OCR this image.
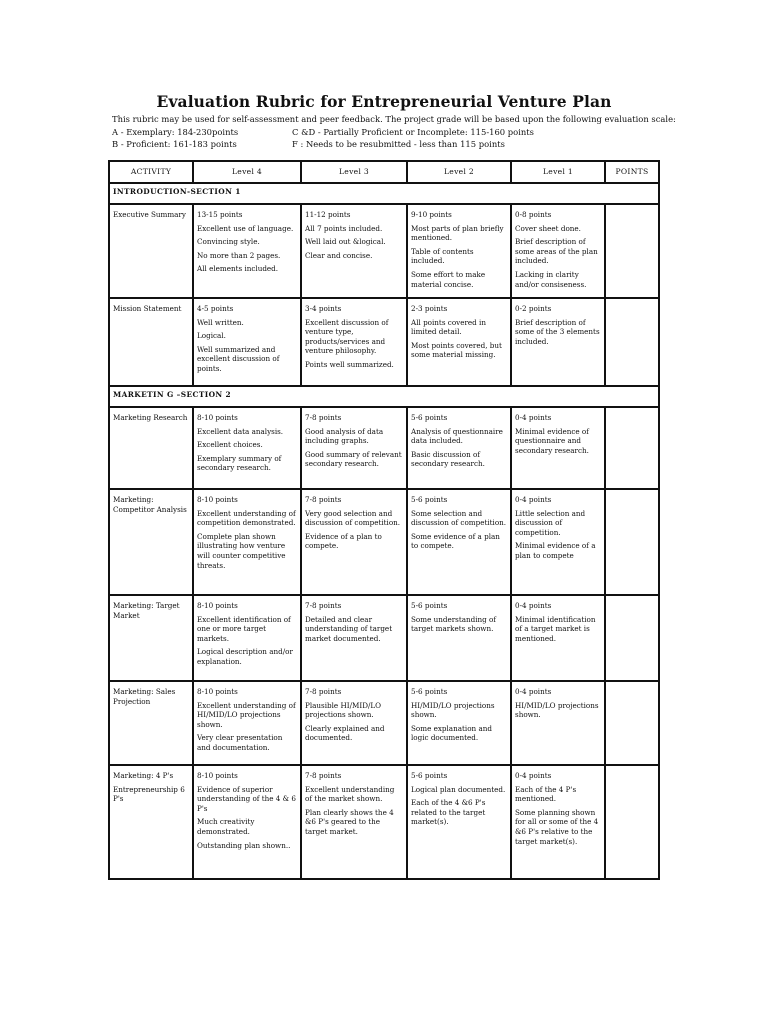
Evaluation Rubric for Entrepreneurial Venture Plan
This rubric may be used for self-assessment and peer feedback. The project grade will be based upon the following evaluation scale:
A - Exemplary: 184-230points	C &D - Partially Proficient or Incomplete: 115-160 points
B - Proficient: 161-183 points	F : Needs to be resubmitted - less than 115 points
ACTIVITY	Level 4	Level 3	Level 2	Level 1	POINTS
INTRODUCTION-SECTION 1					

Executive Summary	13-15 points
Excellent use of language.
Convincing style.
No more than 2 pages.
All elements included.	11-12 points
All 7 points included.
Well laid out &logical.
Clear and concise.	9-10 points
Most parts of plan briefly mentioned.
Table of contents included.
Some effort to make material concise.	0-8 points
Cover sheet done.
Brief description of some areas of the plan included.
Lacking in clarity and/or consiseness.	

Mission Statement	4-5 points
Well written.
Logical.
Well summarized and excellent discussion of points.	3-4 points
Excellent discussion of venture type, products/services and venture philosophy.
Points well summarized.	2-3 points
All points covered in limited detail.
Most points covered, but some material missing.	0-2 points
Brief description of some of the 3 elements included.	

MARKETIN G –SECTION 2					

Marketing Research	8-10 points
Excellent data analysis.
Excellent choices.
Exemplary summary of secondary research.	7-8 points
Good analysis of data including graphs.
Good summary of relevant secondary research.	5-6 points
Analysis of questionnaire data included.
Basic discussion of secondary research.	0-4 points
Minimal evidence of questionnaire and secondary research.	

Marketing: Competitor Analysis	8-10 points
Excellent understanding of competition demonstrated.
Complete plan shown illustrating how venture will counter competitive threats.	7-8 points
Very good selection and discussion of competition.
Evidence of a plan to compete.	5-6 points
Some selection and discussion of competition.
Some evidence of a plan to compete.	0-4 points
Little selection and discussion of competition.
Minimal evidence of a plan to compete	

Marketing: Target Market	8-10 points
Excellent identification of one or more target markets.
Logical description and/or explanation.	7-8 points
Detailed and clear understanding of target market documented.	5-6 points
Some understanding of target markets shown.	0-4 points
Minimal identification of a target market is mentioned.	

Marketing: Sales Projection	8-10 points
Excellent understanding of HI/MID/LO projections shown.
Very clear presentation and documentation.	7-8 points
Plausible HI/MID/LO projections shown.
Clearly explained and documented.	5-6 points
HI/MID/LO projections shown.
Some explanation and logic documented.	0-4 points
HI/MID/LO projections shown.	

Marketing: 4 P's
Entrepreneurship 6 P's	8-10 points
Evidence of superior understanding of the 4 & 6 P's
Much creativity demonstrated.
Outstanding plan shown..	7-8 points
Excellent understanding of the market shown.
Plan clearly shows the 4 &6 P's geared to the target market.	5-6 points
Logical plan documented.
Each of the 4 &6 P's related to the target market(s).	0-4 points
Each of the 4 P's mentioned.
Some planning shown for all or some of the 4 &6 P's relative to the target market(s).	
